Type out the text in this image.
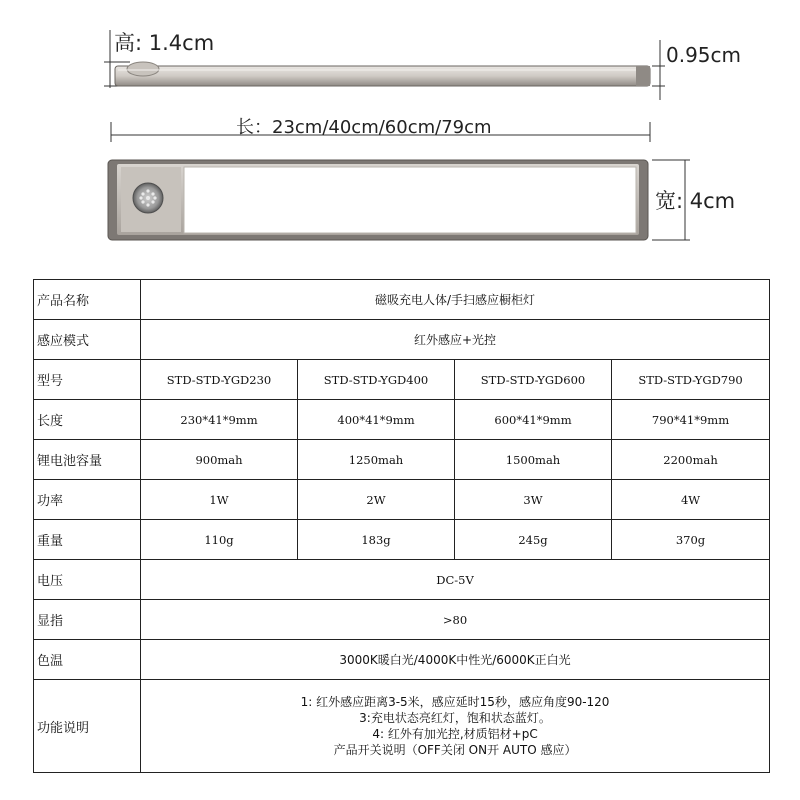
高: 1.4cm	0.95cm
长：23cm/40cm/60cm/79cm
宽: 4cm
产品名称	磁吸充电人体/手扫感应橱柜灯			
感应模式	红外感应+光控			
型号	STD-STD-YGD230	STD-STD-YGD400	STD-STD-YGD600	STD-STD-YGD790
长度	230*41*9mm	400*41*9mm	600*41*9mm	790*41*9mm
锂电池容量	900mah	1250mah	1500mah	2200mah
功率	1W	2W	3W	4W
重量	110g	183g	245g	370g
电压	DC-5V			
显指	>80			
色温	3000K暖白光/4000K中性光/6000K正白光			
功能说明	1: 红外感应距离3-5米，感应延时15秒，感应角度90-120
3:充电状态亮红灯，饱和状态蓝灯。
4: 红外有加光控,材质铝材+pC
产品开关说明（OFF关闭 ON开 AUTO 感应）			
